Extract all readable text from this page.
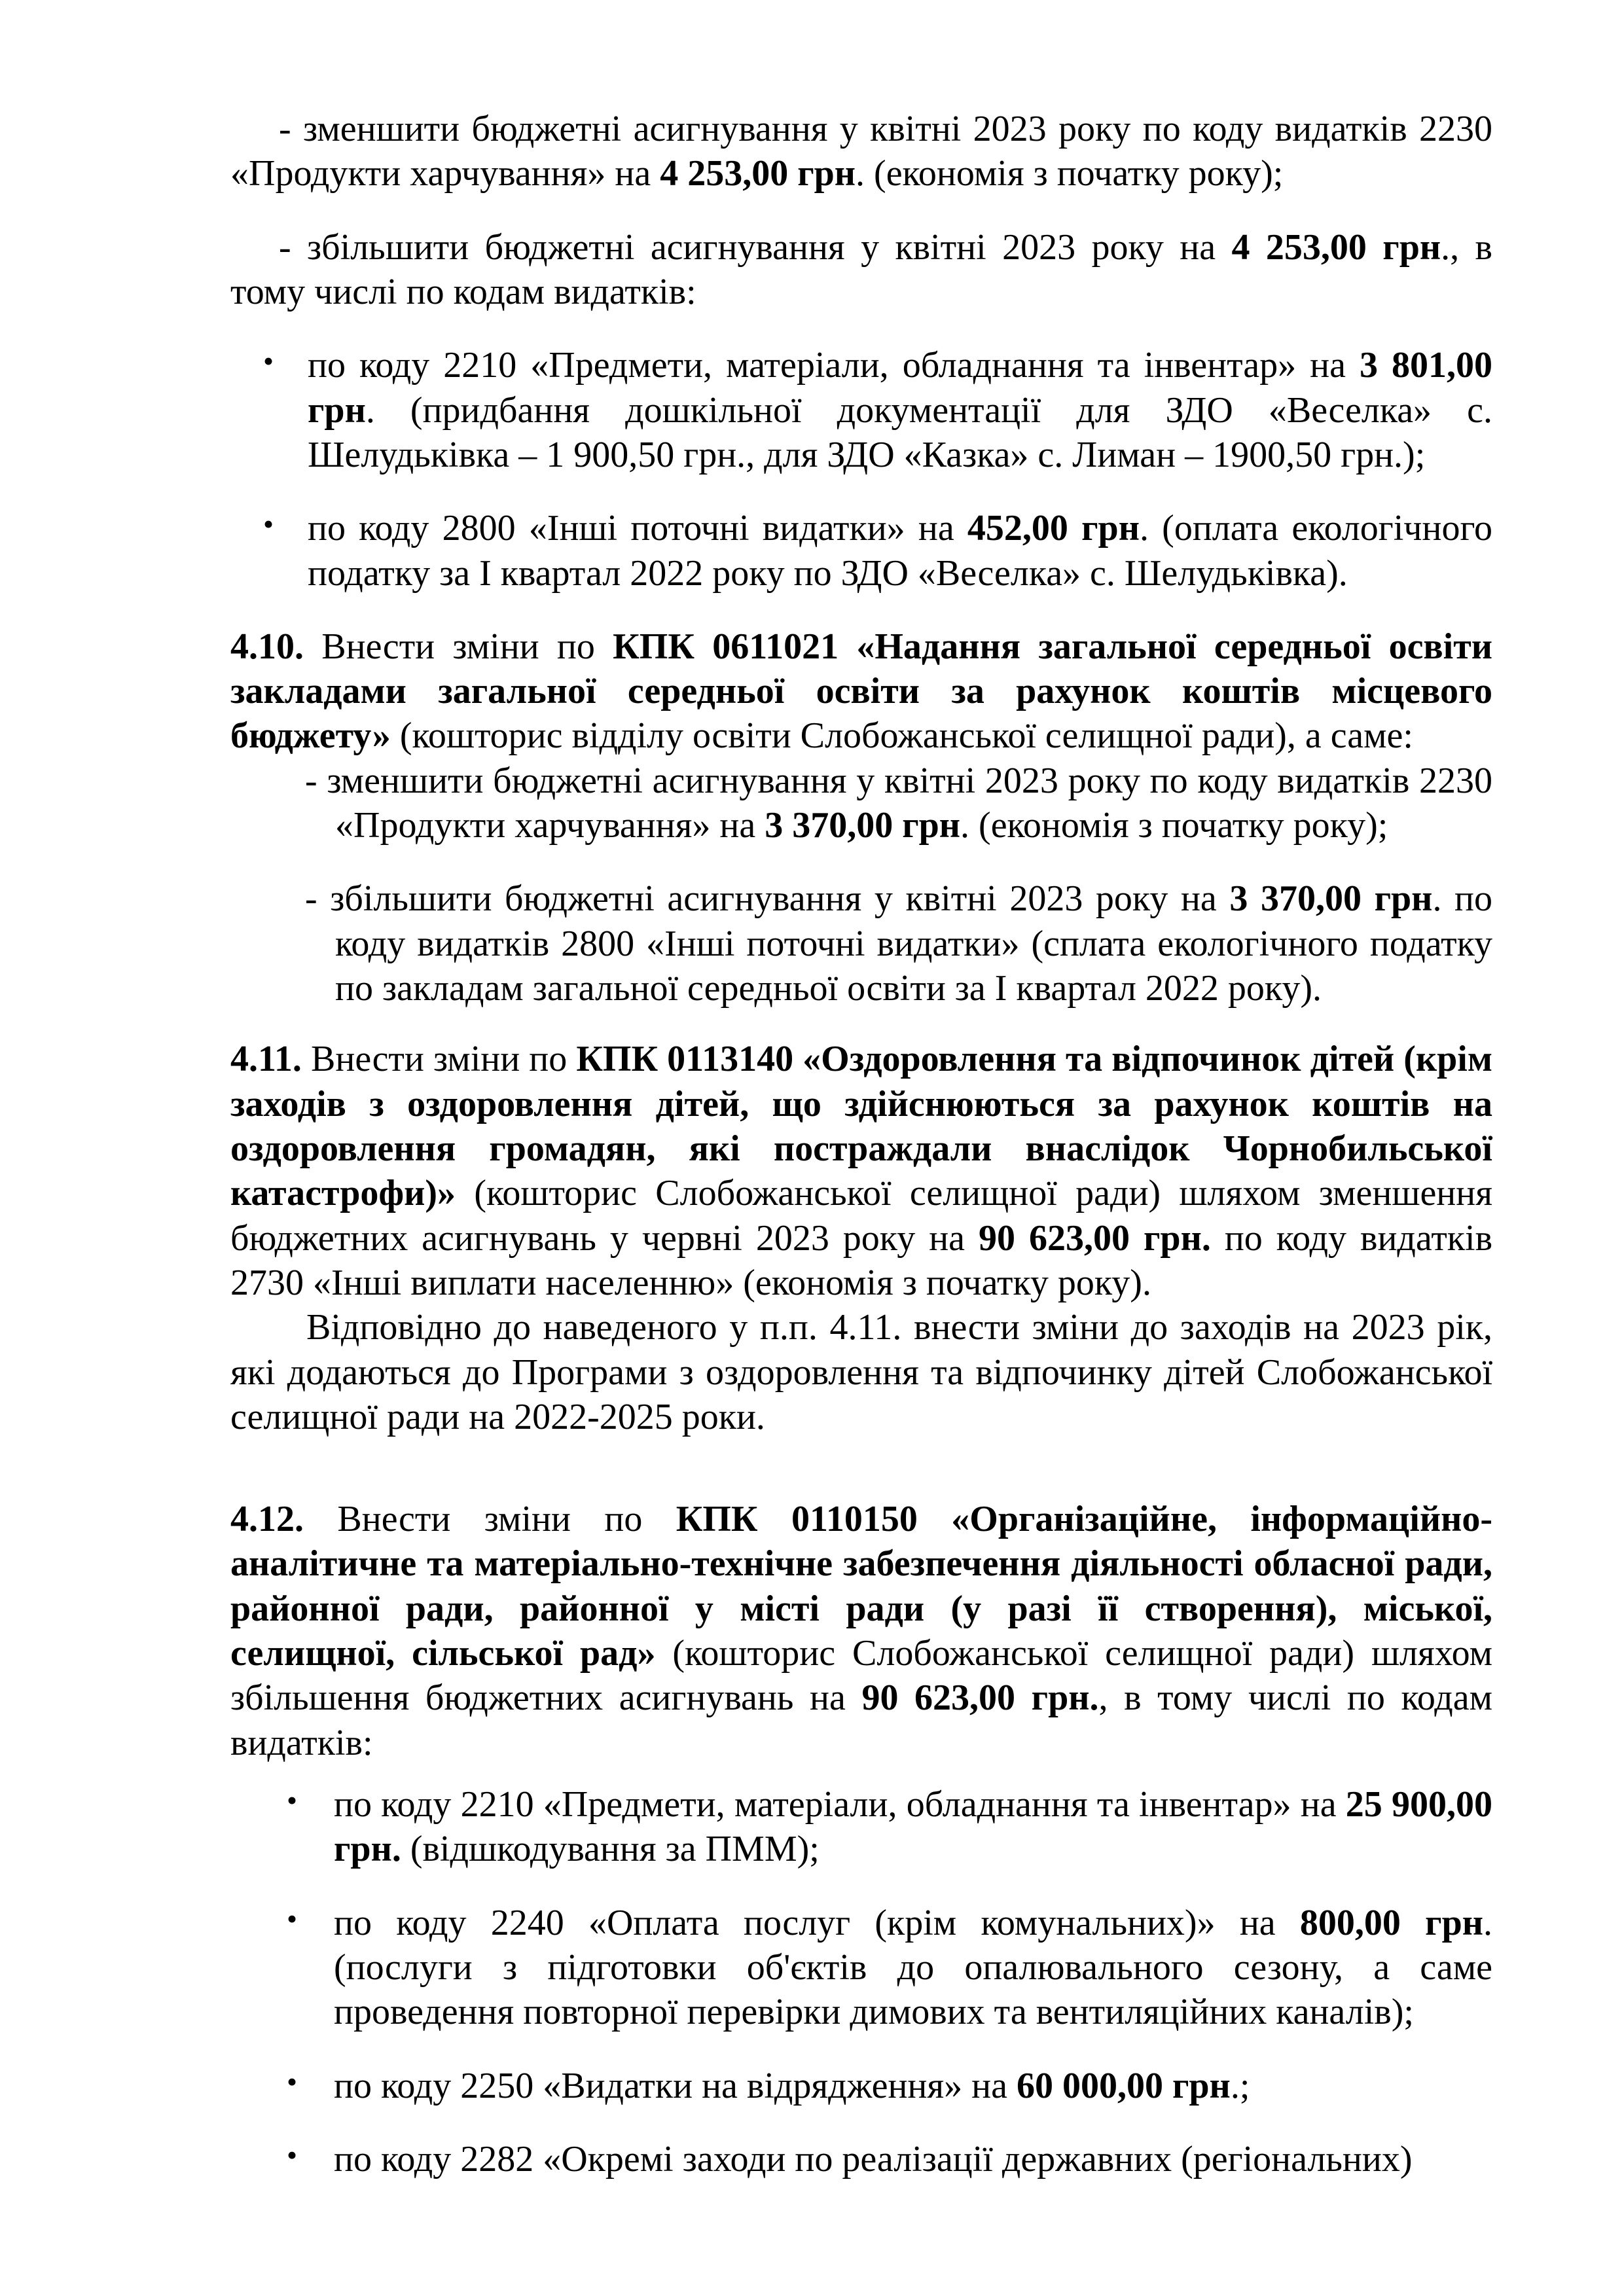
- зменшити бюджетні асигнування у квітні 2023 року по коду видатків 2230 «Продукти харчування» на 4 253,00 грн. (економія з початку року);

- збільшити бюджетні асигнування у квітні 2023 року на 4 253,00 грн., в тому числі по кодам видатків:

• по коду 2210 «Предмети, матеріали, обладнання та інвентар» на 3 801,00 грн. (придбання дошкільної документації для ЗДО «Веселка» с. Шелудьківка – 1 900,50 грн., для ЗДО «Казка» с. Лиман – 1900,50 грн.);

• по коду 2800 «Інші поточні видатки» на 452,00 грн. (оплата екологічного податку за І квартал 2022 року по ЗДО «Веселка» с. Шелудьківка).

4.10. Внести зміни по КПК 0611021 «Надання загальної середньої освіти закладами загальної середньої освіти за рахунок коштів місцевого бюджету» (кошторис відділу освіти Слобожанської селищної ради), а саме:

- зменшити бюджетні асигнування у квітні 2023 року по коду видатків 2230 «Продукти харчування» на 3 370,00 грн. (економія з початку року);

- збільшити бюджетні асигнування у квітні 2023 року на 3 370,00 грн. по коду видатків 2800 «Інші поточні видатки» (сплата екологічного податку по закладам загальної середньої освіти за І квартал 2022 року).

4.11. Внести зміни по КПК 0113140 «Оздоровлення та відпочинок дітей (крім заходів з оздоровлення дітей, що здійснюються за рахунок коштів на оздоровлення громадян, які постраждали внаслідок Чорнобильської катастрофи)» (кошторис Слобожанської селищної ради) шляхом зменшення бюджетних асигнувань у червні 2023 року на 90 623,00 грн. по коду видатків 2730 «Інші виплати населенню» (економія з початку року).

Відповідно до наведеного у п.п. 4.11. внести зміни до заходів на 2023 рік, які додаються до Програми з оздоровлення та відпочинку дітей Слобожанської селищної ради на 2022-2025 роки.

4.12. Внести зміни по КПК 0110150 «Організаційне, інформаційно-аналітичне та матеріально-технічне забезпечення діяльності обласної ради, районної ради, районної у місті ради (у разі її створення), міської, селищної, сільської рад» (кошторис Слобожанської селищної ради) шляхом збільшення бюджетних асигнувань на 90 623,00 грн., в тому числі по кодам видатків:

• по коду 2210 «Предмети, матеріали, обладнання та інвентар» на 25 900,00 грн. (відшкодування за ПММ);

• по коду 2240 «Оплата послуг (крім комунальних)» на 800,00 грн. (послуги з підготовки об'єктів до опалювального сезону, а саме проведення повторної перевірки димових та вентиляційних каналів);

• по коду 2250 «Видатки на відрядження» на 60 000,00 грн.;

• по коду 2282 «Окремі заходи по реалізації державних (регіональних)
